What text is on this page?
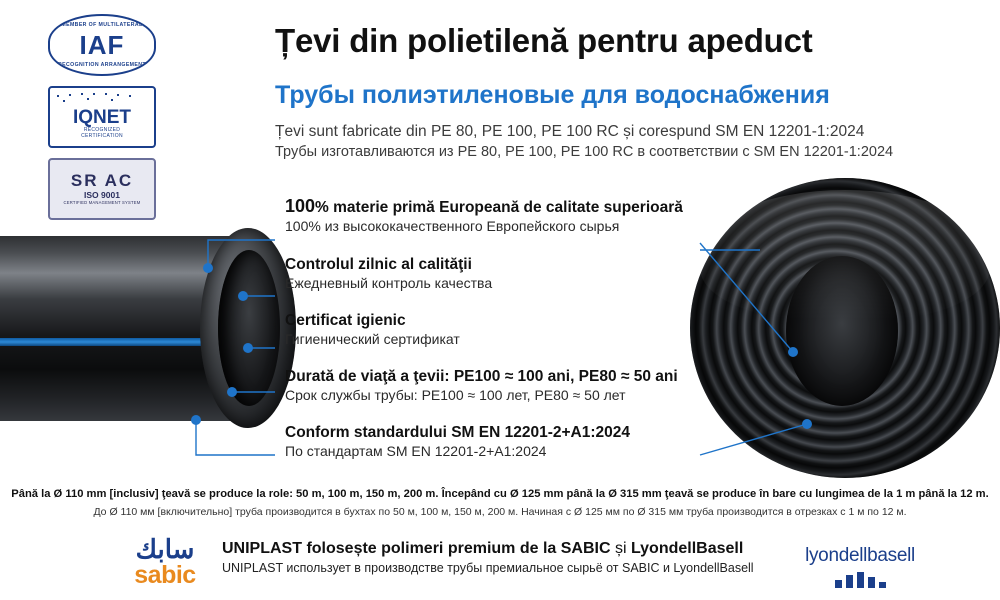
MEMBER OF MULTILATERAL
IAF
RECOGNITION ARRANGEMENT
IQNET
RECOGNIZED
CERTIFICATION
SR AC
ISO 9001
CERTIFIED MANAGEMENT SYSTEM
Țevi din polietilenă pentru apeduct
Трубы полиэтиленовые для водоснабжения
Țevi sunt fabricate din PE 80, PE 100, PE 100 RC și corespund SM EN 12201-1:2024
Трубы изготавливаются из PE 80, PE 100, PE 100 RC в соответствии с SM EN 12201-1:2024
100% materie primă Europeană de calitate superioară
100% из высококачественного Европейского сырья
Controlul zilnic al calităţii
Ежедневный контроль качества
Certificat igienic
Гигиенический сертификат
Durată de viaţă a ţevii: PE100 ≈ 100 ani, PE80 ≈ 50 ani
Срок службы трубы: PE100 ≈ 100 лет, PE80 ≈ 50 лет
Conform standardului SM EN 12201-2+A1:2024
По стандартам SM EN 12201-2+A1:2024
Până la Ø 110 mm [inclusiv] ţeavă se produce la role: 50 m, 100 m, 150 m, 200 m. Începând cu Ø 125 mm până la Ø 315 mm ţeavă se produce în bare cu lungimea de la 1 m până la 12 m.
До Ø 110 мм [включительно] труба производится в бухтах по 50 м, 100 м, 150 м, 200 м. Начиная с Ø 125 мм по Ø 315 мм труба производится в отрезках с 1 м по 12 м.
سابك
sabic
UNIPLAST folosește polimeri premium de la SABIC și LyondellBasell
UNIPLAST использует в производстве трубы премиальное сырьё от SABIC и LyondellBasell
lyondellbasell
